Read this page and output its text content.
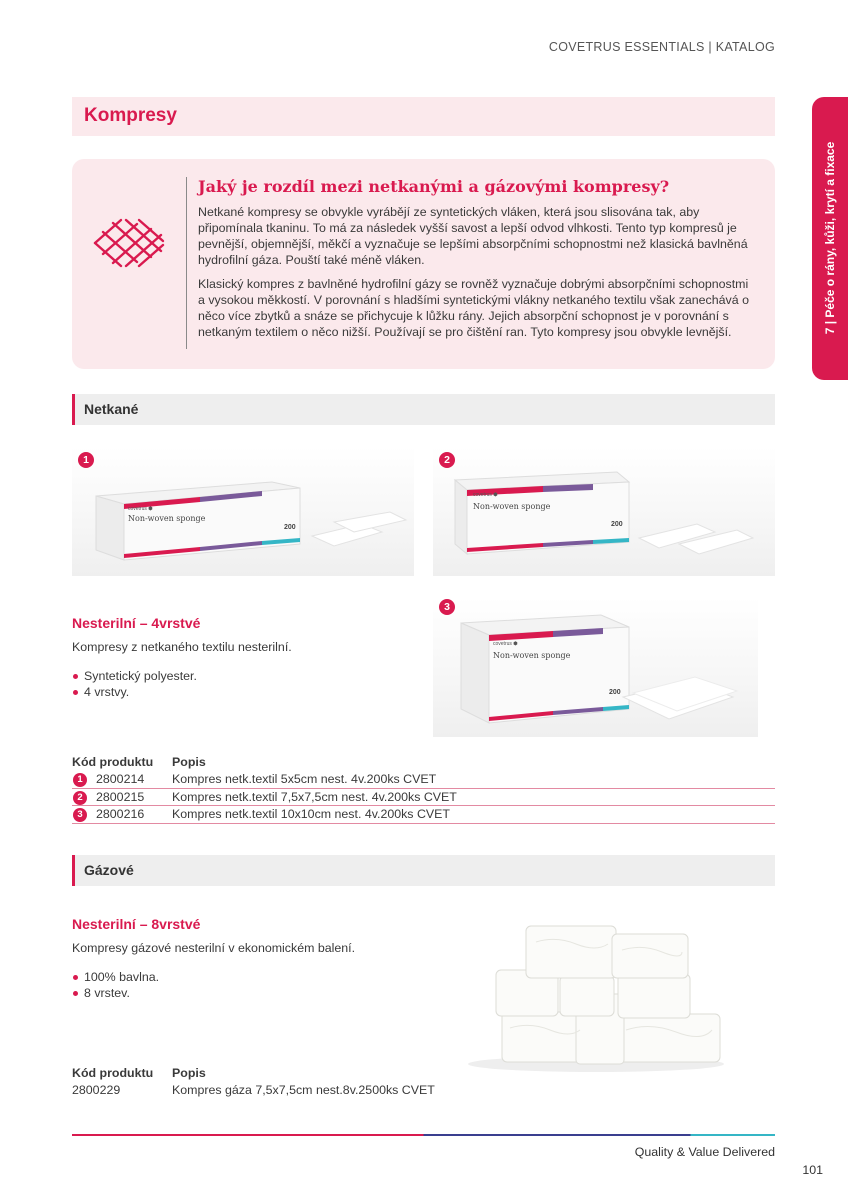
COVETRUS ESSENTIALS | KATALOG
7 | Péče o rány, kůži, krytí a fixace
Kompresy
Jaký je rozdíl mezi netkanými a gázovými kompresy?

Netkané kompresy se obvykle vyrábějí ze syntetických vláken, která jsou slisována tak, aby připomínala tkaninu. To má za následek vyšší savost a lepší odvod vlhkosti. Tento typ kompresů je pevnější, objemnější, měkčí a vyznačuje se lepšími absorpčními schopnostmi než klasická bavlněná hydrofilní gáza. Pouští také méně vláken.

Klasický kompres z bavlněné hydrofilní gázy se rovněž vyznačuje dobrými absorpčními schopnostmi a vysokou měkkostí. V porovnání s hladšími syntetickými vlákny netkaného textilu však zanechává o něco více zbytků a snáze se přichycuje k lůžku rány. Jejich absorpční schopnost je v porovnání s netkaným textilem o něco nižší. Používají se pro čištění ran. Tyto kompresy jsou obvykle levnější.

Netkané
covetrus ⬢
Non-woven sponge
200
1
covetrus ⬢
Non-woven sponge
200
2
covetrus ⬢
Non-woven sponge
200
3
Nesterilní – 4vrstvé
Kompresy z netkaného textilu nesterilní.
Syntetický polyester.
4 vrstvy.
Kód produktu Popis
1	2800214 Kompres netk.textil 5x5cm nest. 4v.200ks CVET
2	2800215 Kompres netk.textil 7,5x7,5cm nest. 4v.200ks CVET
3	2800216 Kompres netk.textil 10x10cm nest. 4v.200ks CVET
Gázové
Nesterilní – 8vrstvé
Kompresy gázové nesterilní v ekonomickém balení.
100% bavlna.
8 vrstev.
Kód produktu Popis
2800229	Kompres gáza 7,5x7,5cm nest.8v.2500ks CVET
Quality & Value Delivered
101
